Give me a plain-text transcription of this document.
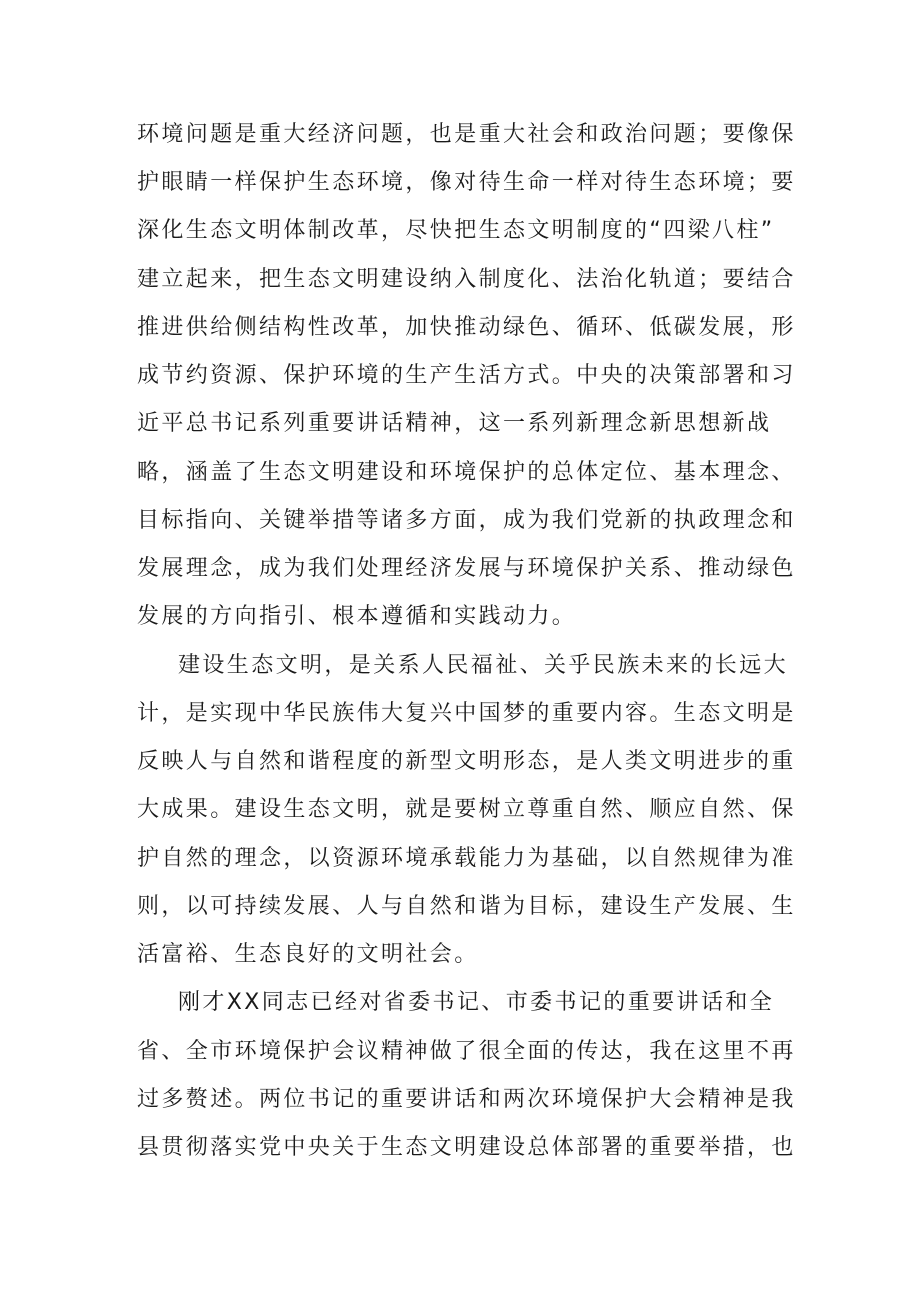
环境问题是重大经济问题，也是重大社会和政治问题；要像保
护眼睛一样保护生态环境，像对待生命一样对待生态环境；要
深化生态文明体制改革，尽快把生态文明制度的“四梁八柱”
建立起来，把生态文明建设纳入制度化、法治化轨道；要结合
推进供给侧结构性改革，加快推动绿色、循环、低碳发展，形
成节约资源、保护环境的生产生活方式。中央的决策部署和习
近平总书记系列重要讲话精神，这一系列新理念新思想新战
略，涵盖了生态文明建设和环境保护的总体定位、基本理念、
目标指向、关键举措等诸多方面，成为我们党新的执政理念和
发展理念，成为我们处理经济发展与环境保护关系、推动绿色
发展的方向指引、根本遵循和实践动力。
建设生态文明，是关系人民福祉、关乎民族未来的长远大
计，是实现中华民族伟大复兴中国梦的重要内容。生态文明是
反映人与自然和谐程度的新型文明形态，是人类文明进步的重
大成果。建设生态文明，就是要树立尊重自然、顺应自然、保
护自然的理念，以资源环境承载能力为基础，以自然规律为准
则，以可持续发展、人与自然和谐为目标，建设生产发展、生
活富裕、生态良好的文明社会。
刚才XX同志已经对省委书记、市委书记的重要讲话和全
省、全市环境保护会议精神做了很全面的传达，我在这里不再
过多赘述。两位书记的重要讲话和两次环境保护大会精神是我
县贯彻落实党中央关于生态文明建设总体部署的重要举措，也
